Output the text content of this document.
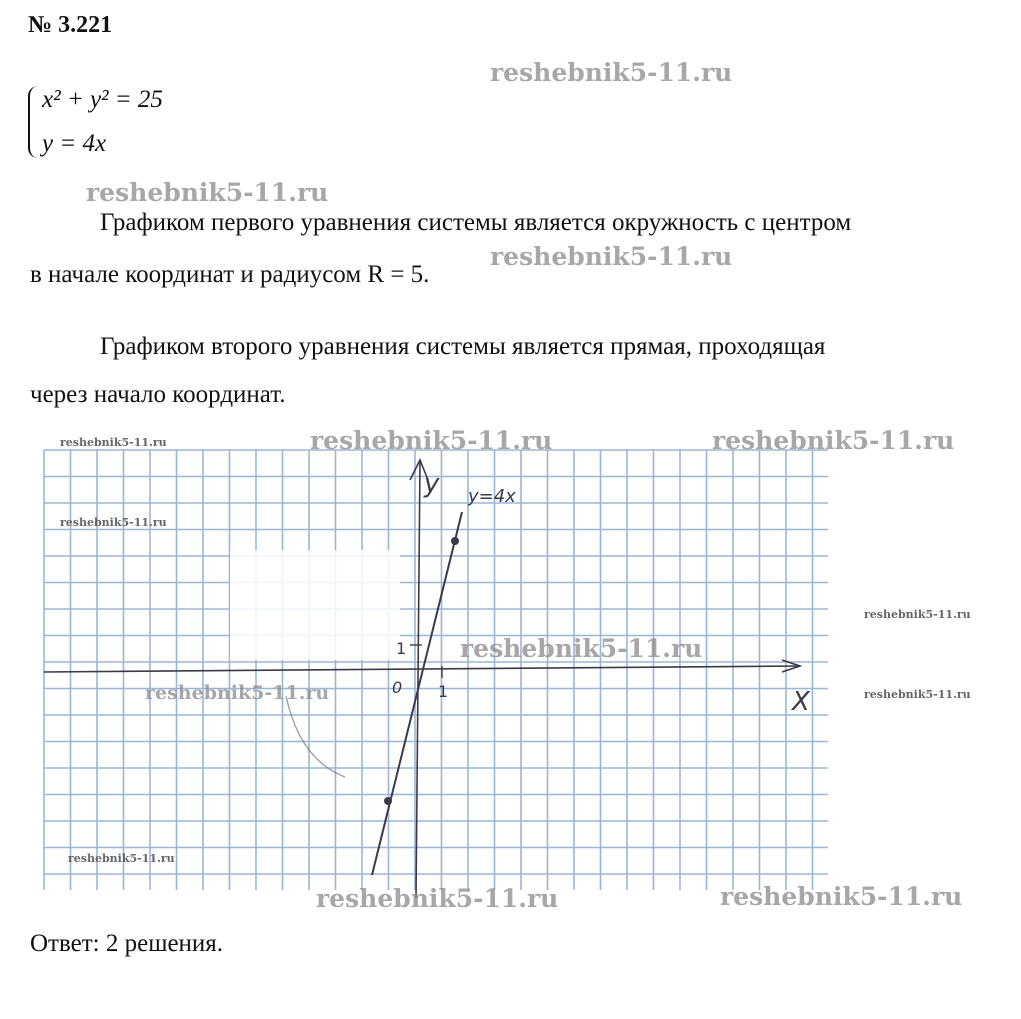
№ 3.221
x² + y² = 25
y = 4x
Графиком первого уравнения системы является окружность с центром
в начале координат и радиусом R = 5.
Графиком второго уравнения системы является прямая, проходящая
через начало координат.
X
y y=4x
0 1
1
reshebnik5-11.ru
reshebnik5-11.ru
reshebnik5-11.ru
reshebnik5-11.ru	reshebnik5-11.ru
reshebnik5-11.ru
reshebnik5-11.ru
reshebnik5-11.ru	reshebnik5-11.ru
reshebnik5-11.ru
reshebnik5-11.ru
reshebnik5-11.ru
reshebnik5-11.ru
reshebnik5-11.ru
Ответ: 2 решения.
